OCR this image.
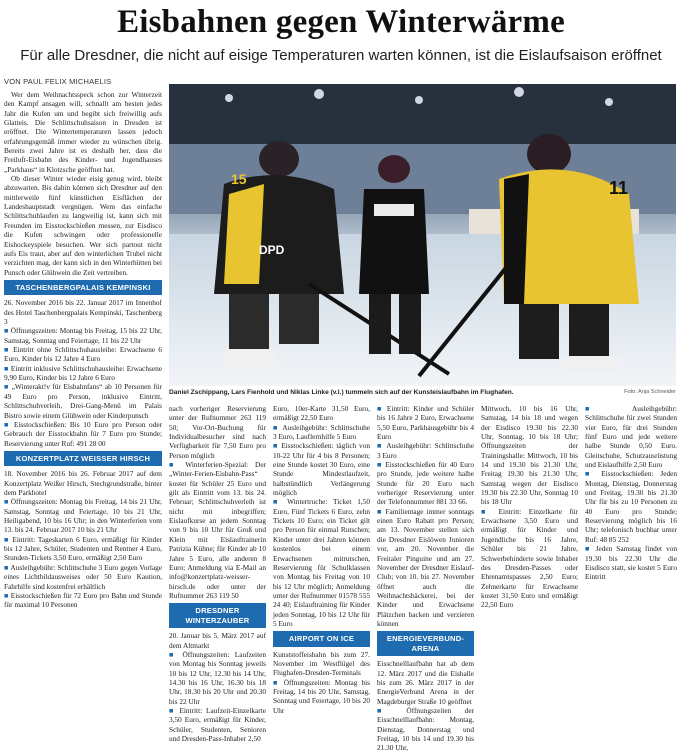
Eisbahnen gegen Winterwärme
Für alle Dresdner, die nicht auf eisige Temperaturen warten können, ist die Eislaufsaison eröffnet
VON PAUL FELIX MICHAELIS

Wer dem Weihnachtsspeck schon zur Winterzeit den Kampf ansagen will, schnallt am besten jedes Jahr die Kufen um und begibt sich freiwillig aufs Glatteis. Die Schlittschuhsaison in Dresden ist eröffnet. Die Wintertemperaturen lassen jedoch erfahrungsgemäß immer wieder zu wünschen übrig. Bereits zwei Jahre ist es deshalb her, dass die Freiluft-Eisbahn des Kinder- und Jugendhauses „Parkhaus“ in Klotzsche geöffnet hat.

Ob dieser Winter wieder eisig genug wird, bleibt abzuwarten. Bis dahin können sich Dresdner auf den mittlerweile fünf künstlichen Eisflächen der Landeshauptstadt vergnügen. Wem das einfache Schlittschuhlaufen zu langweilig ist, kann sich mit Freunden im Eisstockschießen messen, zur Eisdisco die Kufen schwingen oder professionelle Eishockeyspiele besuchen. Wer sich partout nicht aufs Eis traut, aber auf den winterlichen Trubel nicht verzichten mag, der kann sich in den Winterhütten bei Punsch oder Glühwein die Zeit vertreiben.

TASCHENBERGPALAIS KEMPINSKI

26. November 2016 bis 22. Januar 2017 im Innenhof des Hotel Taschenbergpalais Kempinski, Taschenberg 3

■ Öffnungszeiten: Montag bis Freitag, 15 bis 22 Uhr, Samstag, Sonntag und Feiertage, 11 bis 22 Uhr

■ Eintritt ohne Schlittschuhausleihe: Erwachsene 6 Euro, Kinder bis 12 Jahre 4 Euro

■ Eintritt inklusive Schlittschuhausleihe: Erwachsene 9,90 Euro, Kinder bis 12 Jahre 6 Euro

■ „Winterakt!v für Eisbahnfans“ ab 10 Personen für 49 Euro pro Person, inklusive Eintritt, Schlittschuhverleih, Drei-Gang-Menü im Palais Bistro sowie einem Glühwein oder Kinderpunsch

■ Eisstockschießen: Bis 10 Euro pro Person oder Gebrauch der Eisstockbahn für 7 Euro pro Stunde; Reservierung unter Ruf: 491 28 00

KONZERTPLATZ WEISSER HIRSCH

18. November 2016 bis 26. Februar 2017 auf dem Konzertplatz Weißer Hirsch, Stechgrundstraße, hinter dem Parkhotel

■ Öffnungszeiten: Montag bis Freitag, 14 bis 21 Uhr, Samstag, Sonntag und Feiertage, 10 bis 21 Uhr, Heiligabend, 10 bis 16 Uhr; in den Winterferien vom 13. bis 24. Februar 2017 10 bis 21 Uhr

■ Eintritt: Tageskarten 6 Euro, ermäßigt für Kinder bis 12 Jahre, Schüler, Studenten und Rentner 4 Euro, Stunden-Tickets 3,50 Euro, ermäßigt 2,50 Euro

■ Ausleihgebühr: Schlittschuhe 3 Euro gegen Vorlage eines Lichtbildausweises oder 50 Euro Kaution, Fahrhilfe sind kostenfrei erhältlich

■ Eisstockschießen für 72 Euro pro Bahn und Stunde für maximal 10 Personen

15
DPD
11
Daniel Zschippang, Lars Fienhold und Niklas Linke (v.l.) tummeln sich auf der Kunsteislaufbahn im Flughafen.	Foto: Anja Schneider

nach vorheriger Reservierung unter der Rufnummer 263 119 50; Vor-Ort-Buchung für Individualbesucher sind nach Verfügbarkeit für 7,50 Euro pro Person möglich

■ Winterferien-Spezial: Der „Winter-Ferien-Eisbahn-Pass“ kostet für Schüler 25 Euro und gilt als Eintritt vom 13. bis 24. Februar; Schlittschuhverleih ist nicht mit inbegriffen; Eislaufkurse an jedem Sonntag von 9 bis 10 Uhr für Groß und Klein mit Eislauftrainerin Patrizia Kühne; für Kinder ab 10 Jahre 5 Euro, alle anderen 8 Euro; Anmeldung via E-Mail an info@konzertplatz-weisser-hirsch.de oder unter der Rufnummer 263 119 50

DRESDNER WINTERZAUBER

20. Januar bis 5. März 2017 auf dem Altmarkt

■ Öffnungszeiten: Laufzeiten von Montag bis Sonntag jeweils 10 bis 12 Uhr, 12.30 bis 14 Uhr, 14.30 bis 16 Uhr, 16.30 bis 18 Uhr, 18.30 bis 20 Uhr und 20.30 bis 22 Uhr

■ Eintritt: Laufzeit-Einzelkarte 3,50 Euro, ermäßigt für Kinder, Schüler, Studenten, Senioren und Dresden-Pass-Inhaber 2,50

Euro, 10er-Karte 31,50 Euro, ermäßigt 22,50 Euro

■ Ausleihgebühr: Schlittschuhe 3 Euro, Lauflernhilfe 5 Euro

■ Eisstockschießen: täglich von 10-22 Uhr für 4 bis 8 Personen; eine Stunde kostet 30 Euro, eine Stunde Mindestlaufzeit, halbstündlich Verlängerung möglich

■ Wintertruche: Ticket 1,50 Euro, Fünf Tickets 6 Euro, zehn Tickets 10 Euro; ein Ticket gilt pro Person für einmal Rutschen; Kinder unter drei Jahren können kostenlos bei einem Erwachsenen mitrutschen, Reservierung für Schulklassen von Montag bis Freitag von 10 bis 12 Uhr möglich; Anmeldung unter der Rufnummer 01578 555 24 40; Eislauftraining für Kinder jeden Sonntag, 10 bis 12 Uhr für 5 Euro

AIRPORT ON ICE

Kunststoffeisbahn bis zum 27. November im Westflügel des Flughafen-Dresden-Terminals

■ Öffnungszeiten: Montag bis Freitag, 14 bis 20 Uhr, Samstag, Sonntag und Feiertage, 10 bis 20 Uhr

■ Eintritt: Kinder und Schüler bis 16 Jahre 2 Euro, Erwachsene 5,50 Euro, Parkhausgebühr bis 4 Euro

■ Ausleihgebühr: Schlittschuhe 3 Euro

■ Eisstockschießen für 40 Euro pro Stunde, jede weitere halbe Stunde für 20 Euro nach vorheriger Reservierung unter der Telefonnummer 881 33 66.

■ Familientage immer sonntags einen Euro Rabatt pro Person; am 13. November stellen sich die Dresdner Eislöwen Junioren vor, am 20. November die Freitaler Pinguine und am 27. November der Dresdner Eislauf-Club; von 10. bis 27. November öffnet auch die Weihnachtsbäckerei, bei der Kinder und Erwachsene Plätzchen backen und verzieren können

ENERGIEVERBUND-ARENA

Eisschnelllaufbahn hat ab dem 12. März 2017 und die Eishalle bis zum 26. März 2017 in der EnergieVerbund Arena in der Magdeburger Straße 10 geöffnet

■ Öffnungszeiten der Eisschnelllaufbahn: Montag, Dienstag, Donnerstag und Freitag, 10 bis 14 und 19.30 bis 21.30 Uhr,

Mittwoch, 10 bis 16 Uhr, Samstag, 14 bis 18 und wegen der Eisdisco 19.30 bis 22.30 Uhr, Sonntag, 10 bis 18 Uhr; Öffnungszeiten der Trainingshalle: Mittwoch, 10 bis 14 und 19.30 bis 21.30 Uhr, Freitag 19.30 bis 21.30 Uhr, Samstag wegen der Eisdisco 19.30 bis 22.30 Uhr, Sonntag 10 bis 18 Uhr

■ Eintritt: Einzelkarte für Erwachsene 3,50 Euro und ermäßigt für Kinder und Jugendliche bis 16 Jahre, Schüler bis 21 Jahre, Schwerbehinderte sowie Inhaber des Dresden-Passes oder Ehrenamtspasses 2,50 Euro; Zehnerkarte für Erwachsene kostet 31,50 Euro und ermäßigt 22,50 Euro

■ Ausleihgebühr: Schlittschuhe für zwei Stunden vier Euro, für drei Stunden fünf Euro und jede weitere halbe Stunde 0,50 Euro. Gleitschuhe, Schutzausrüstung und Eislaufhilfe 2,50 Euro

■ Eisstockschießen: Jeden Montag, Dienstag, Donnerstag und Freitag, 19.30 bis 21.30 Uhr für bis zu 10 Personen zu 40 Euro pro Stunde; Reservierung möglich bis 16 Uhr; telefonisch buchbar unter Ruf: 48 85 252

■ Jeden Samstag findet von 19.30 bis 22.30 Uhr die Eisdisco statt, sie kostet 5 Euro Eintritt
